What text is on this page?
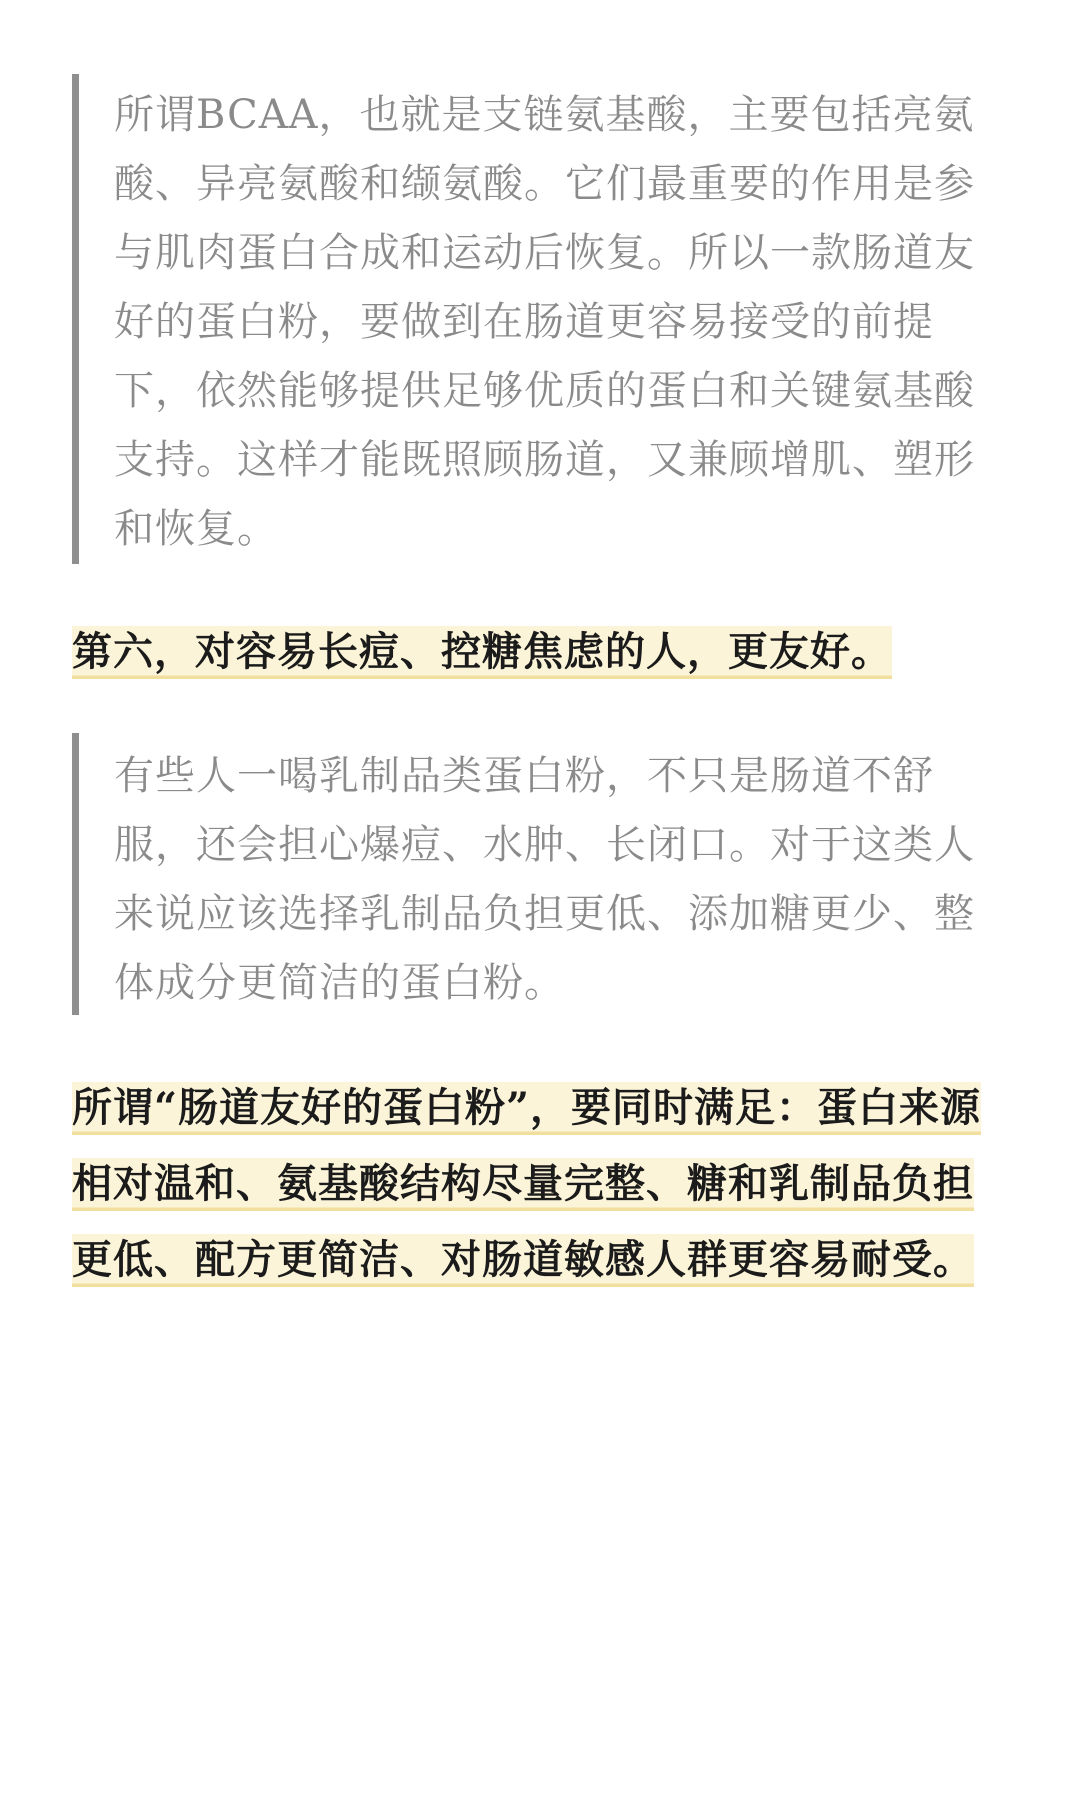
所谓BCAA，也就是支链氨基酸，主要包括亮氨酸、异亮氨酸和缬氨酸。它们最重要的作用是参与肌肉蛋白合成和运动后恢复。所以一款肠道友好的蛋白粉，要做到在肠道更容易接受的前提下，依然能够提供足够优质的蛋白和关键氨基酸支持。这样才能既照顾肠道，又兼顾增肌、塑形和恢复。

第六，对容易长痘、控糖焦虑的人，更友好。

有些人一喝乳制品类蛋白粉，不只是肠道不舒服，还会担心爆痘、水肿、长闭口。对于这类人来说应该选择乳制品负担更低、添加糖更少、整体成分更简洁的蛋白粉。

所谓“肠道友好的蛋白粉”，要同时满足：蛋白来源相对温和、氨基酸结构尽量完整、糖和乳制品负担更低、配方更简洁、对肠道敏感人群更容易耐受。
